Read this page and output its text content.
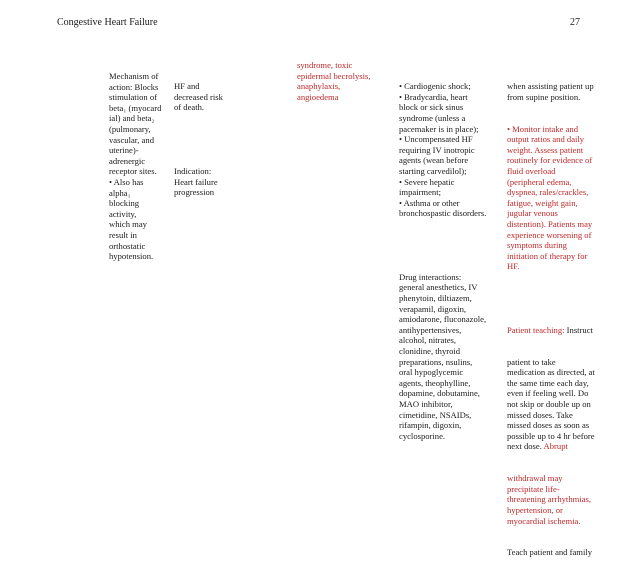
Congestive Heart Failure	27
Mechanism of
action: Blocks
stimulation of
beta₁ (myocard
ial) and beta₂
(pulmonary,
vascular, and
uterine)-
adrenergic
receptor sites.
• Also has
alpha₁
blocking
activity,
which may
result in
orthostatic
hypotension.

HF and
decreased risk
of death.

Indication:
Heart failure
progression

syndrome, toxic
epidermal becrolysis,
anaphylaxis,
angioedema

• Cardiogenic shock;
• Bradycardia, heart
block or sick sinus
syndrome (unless a
pacemaker is in place);
• Uncompensated HF
requiring IV inotropic
agents (wean before
starting carvedilol);
• Severe hepatic
impairment;
• Asthma or other
bronchospastic disorders.

Drug interactions:
general anesthetics, IV
phenytoin, diltiazem,
verapamil, digoxin,
amiodarone, fluconazole,
antihypertensives,
alcohol, nitrates,
clonidine, thyroid
preparations, nsulins,
oral hypoglycemic
agents, theophylline,
dopamine, dobutamine,
MAO inhibitor,
cimetidine, NSAIDs,
rifampin, digoxin,
cyclosporine.

when assisting patient up
from supine position.

• Monitor intake and
output ratios and daily
weight. Assess patient
routinely for evidence of
fluid overload
(peripheral edema,
dyspnea, rales/crackles,
fatigue, weight gain,
jugular venous
distention). Patients may
experience worsening of
symptoms during
initiation of therapy for
HF.

Patient teaching: Instruct

patient to take
medication as directed, at
the same time each day,
even if feeling well. Do
not skip or double up on
missed doses. Take
missed doses as soon as
possible up to 4 hr before
next dose. Abrupt

withdrawal may
precipitate life-
threatening arrhythmias,
hypertension, or
myocardial ischemia.

Teach patient and family
